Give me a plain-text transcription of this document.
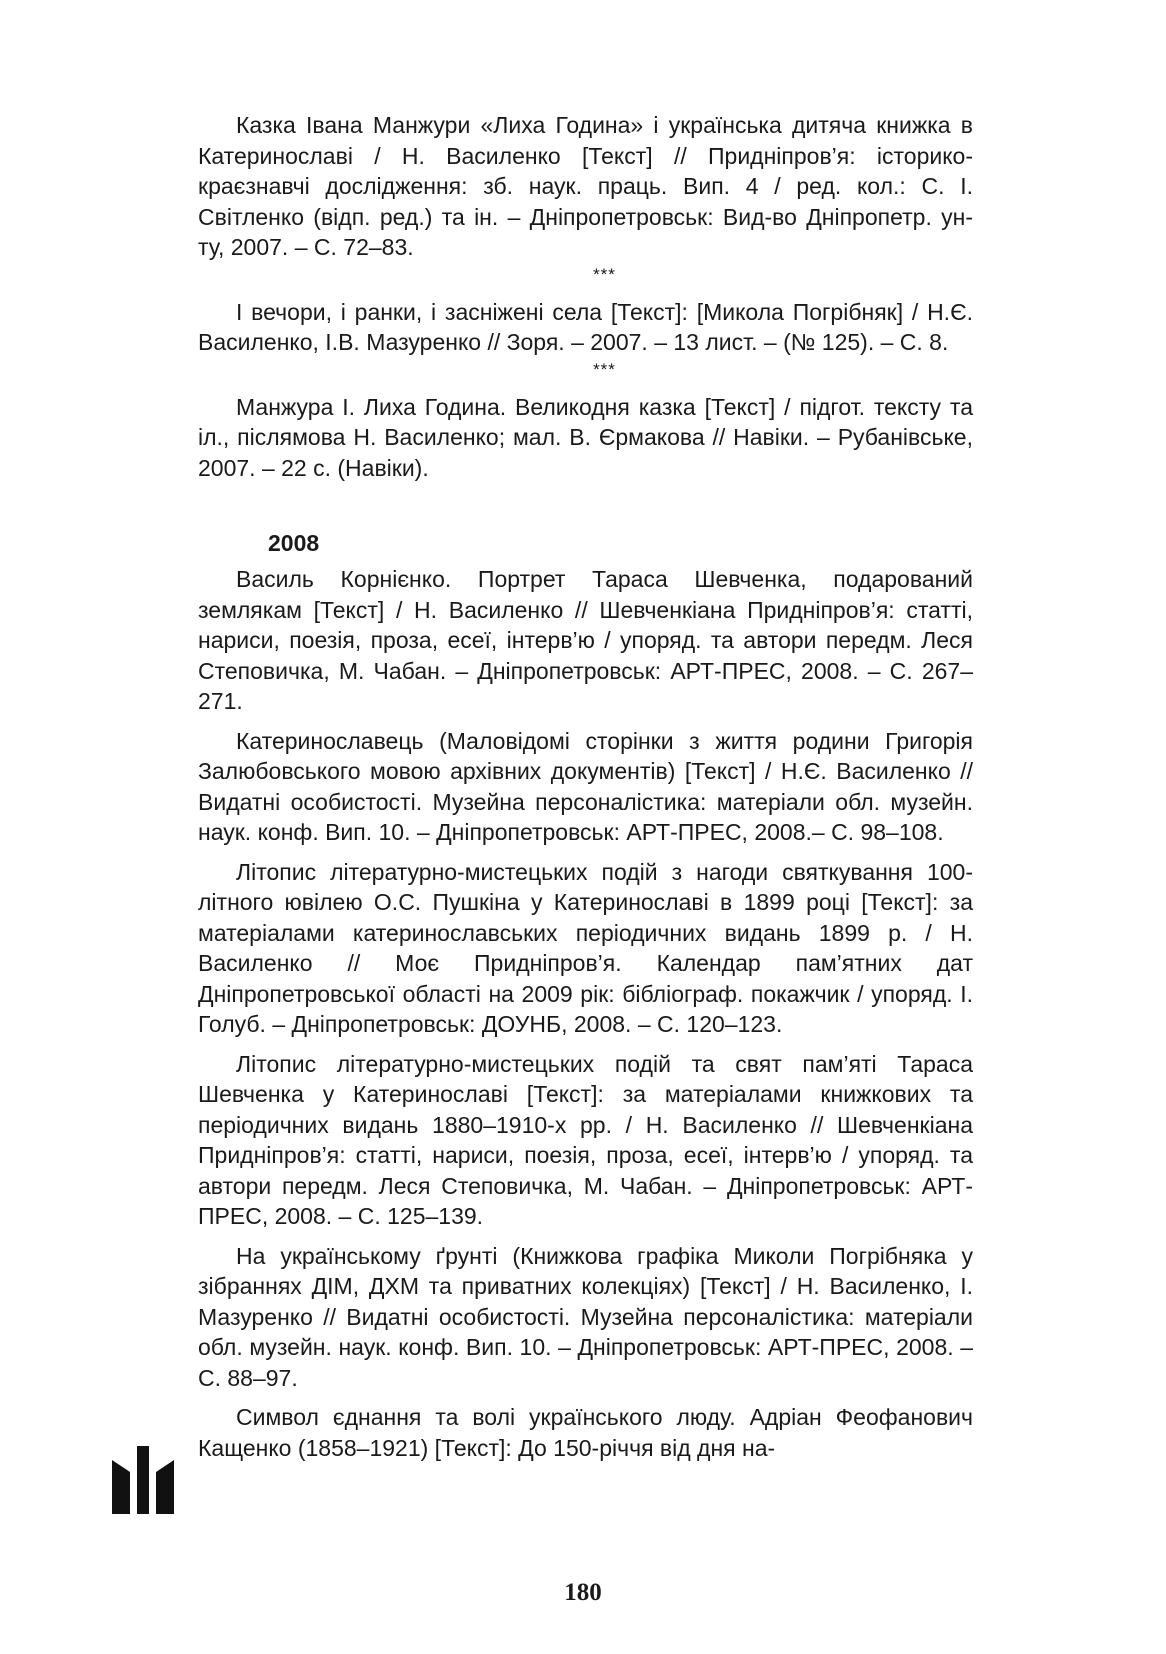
Казка Івана Манжури «Лиха Година» і українська дитяча книжка в Катеринославі / Н. Василенко [Текст] // Придніпров’я: історико-краєзнавчі дослідження: зб. наук. праць. Вип. 4 / ред. кол.: С. І. Світленко (відп. ред.) та ін. – Дніпропетровськ: Вид-во Дніпропетр. ун-ту, 2007. – С. 72–83.

***

І вечори, і ранки, і засніжені села [Текст]: [Микола Погрібняк] / Н.Є. Василенко, І.В. Мазуренко // Зоря. – 2007. – 13 лист. – (№ 125). – С. 8.

***

Манжура І. Лиха Година. Великодня казка [Текст] / підгот. тексту та іл., післямова Н. Василенко; мал. В. Єрмакова // Навіки. – Рубанівське, 2007. – 22 с. (Навіки).

2008

Василь Корнієнко. Портрет Тараса Шевченка, подарований землякам [Текст] / Н. Василенко // Шевченкіана Придніпров’я: статті, нариси, поезія, проза, есеї, інтерв’ю / упоряд. та автори передм. Леся Степовичка, М. Чабан. – Дніпропетровськ: АРТ-ПРЕС, 2008. – С. 267–271.

Катеринославець (Маловідомі сторінки з життя родини Григорія Залюбовського мовою архівних документів) [Текст] / Н.Є. Василенко // Видатні особистості. Музейна персоналістика: матеріали обл. музейн. наук. конф. Вип. 10. – Дніпропетровськ: АРТ-ПРЕС, 2008.– С. 98–108.

Літопис літературно-мистецьких подій з нагоди святкування 100-літного ювілею О.С. Пушкіна у Катеринославі в 1899 році [Текст]: за матеріалами катеринославських періодичних видань 1899 р. / Н. Василенко // Моє Придніпров’я. Календар пам’ятних дат Дніпропетровської області на 2009 рік: бібліограф. покажчик / упоряд. І. Голуб. – Дніпропетровськ: ДОУНБ, 2008. – С. 120–123.

Літопис літературно-мистецьких подій та свят пам’яті Тараса Шевченка у Катеринославі [Текст]: за матеріалами книжкових та періодичних видань 1880–1910-х рр. / Н. Василенко // Шевченкіана Придніпров’я: статті, нариси, поезія, проза, есеї, інтерв’ю / упоряд. та автори передм. Леся Степовичка, М. Чабан. – Дніпропетровськ: АРТ-ПРЕС, 2008. – С. 125–139.

На українському ґрунті (Книжкова графіка Миколи Погрібняка у зібраннях ДІМ, ДХМ та приватних колекціях) [Текст] / Н. Василенко, І. Мазуренко // Видатні особистості. Музейна персоналістика: матеріали обл. музейн. наук. конф. Вип. 10. – Дніпропетровськ: АРТ-ПРЕС, 2008. – С. 88–97.

Символ єднання та волі українського люду. Адріан Феофанович Кащенко (1858–1921) [Текст]: До 150-річчя від дня на-

180
